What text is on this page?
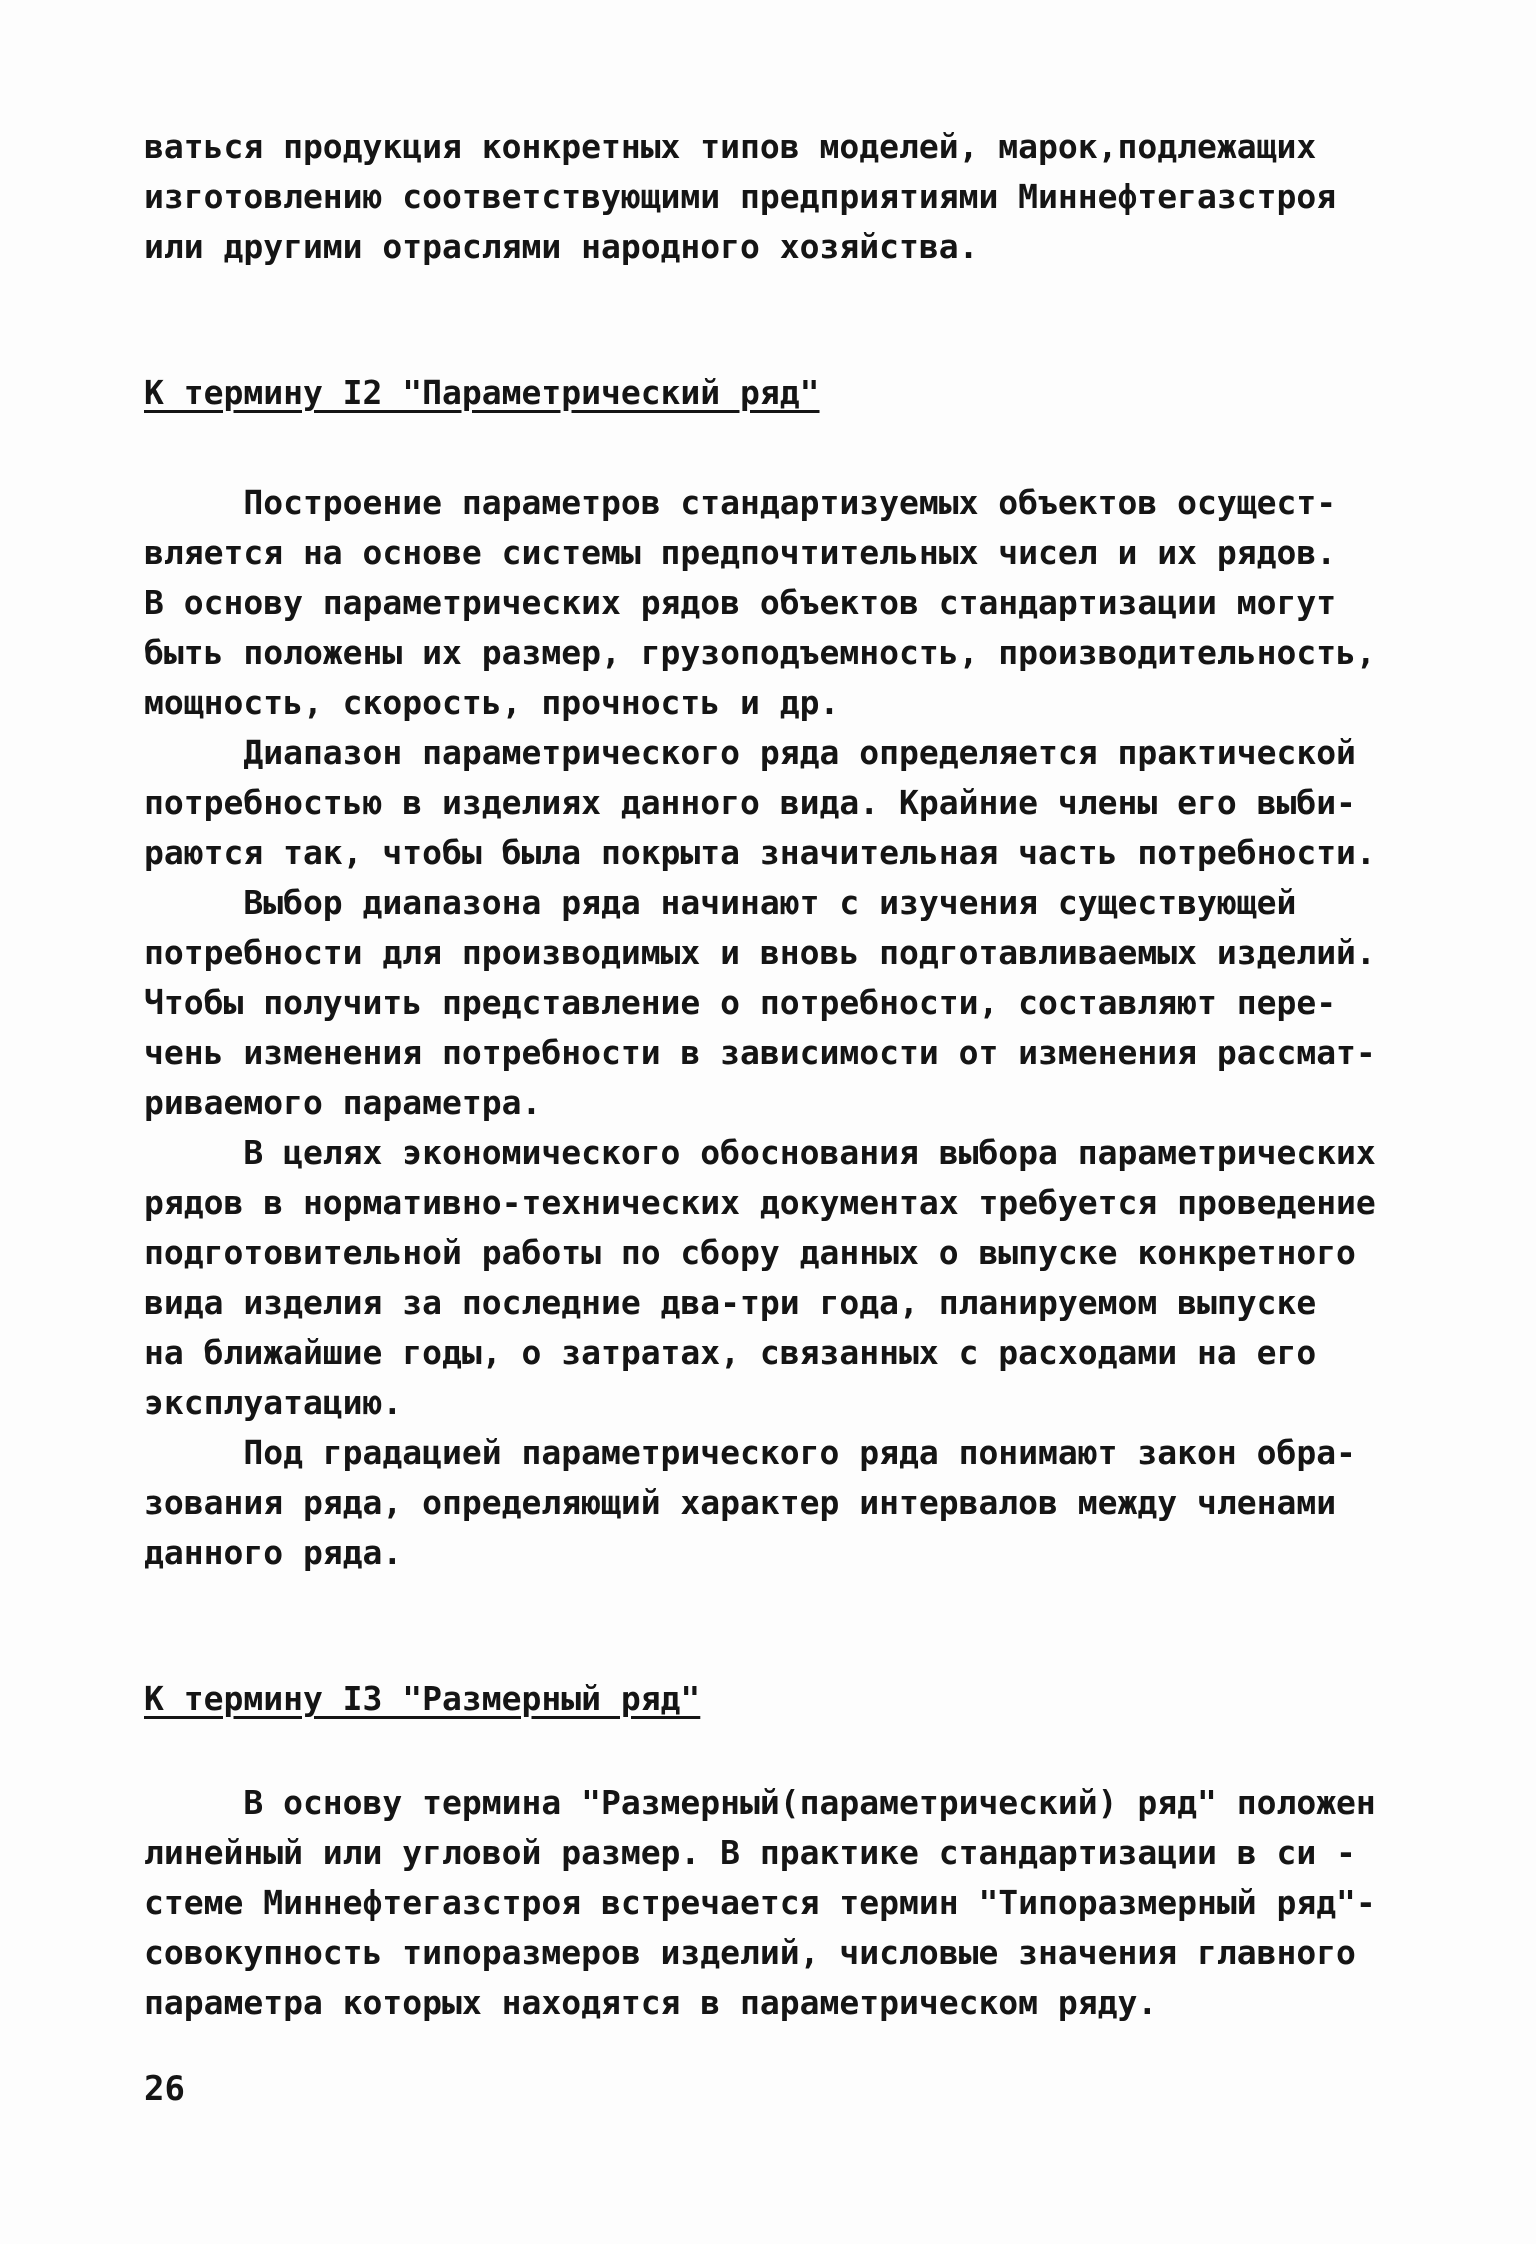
ваться продукция конкретных типов моделей, марок,подлежащих
изготовлению соответствующими предприятиями Миннефтегазстроя
или другими отраслями народного хозяйства.
К термину I2 "Параметрический ряд"
Построение параметров стандартизуемых объектов осущест-
вляется на основе системы предпочтительных чисел и их рядов.
В основу параметрических рядов объектов стандартизации могут
быть положены их размер, грузоподъемность, производительность,
мощность, скорость, прочность и др.
Диапазон параметрического ряда определяется практической
потребностью в изделиях данного вида. Крайние члены его выби-
раются так, чтобы была покрыта значительная часть потребности.
Выбор диапазона ряда начинают с изучения существующей
потребности для производимых и вновь подготавливаемых изделий.
Чтобы получить представление о потребности, составляют пере-
чень изменения потребности в зависимости от изменения рассмат-
риваемого параметра.
В целях экономического обоснования выбора параметрических
рядов в нормативно-технических документах требуется проведение
подготовительной работы по сбору данных о выпуске конкретного
вида изделия за последние два-три года, планируемом выпуске
на ближайшие годы, о затратах, связанных с расходами на его
эксплуатацию.
Под градацией параметрического ряда понимают закон обра-
зования ряда, определяющий характер интервалов между членами
данного ряда.
К термину I3 "Размерный ряд"
В основу термина "Размерный(параметрический) ряд" положен
линейный или угловой размер. В практике стандартизации в си -
стеме Миннефтегазстроя встречается термин "Типоразмерный ряд"-
совокупность типоразмеров изделий, числовые значения главного
параметра которых находятся в параметрическом ряду.
26
